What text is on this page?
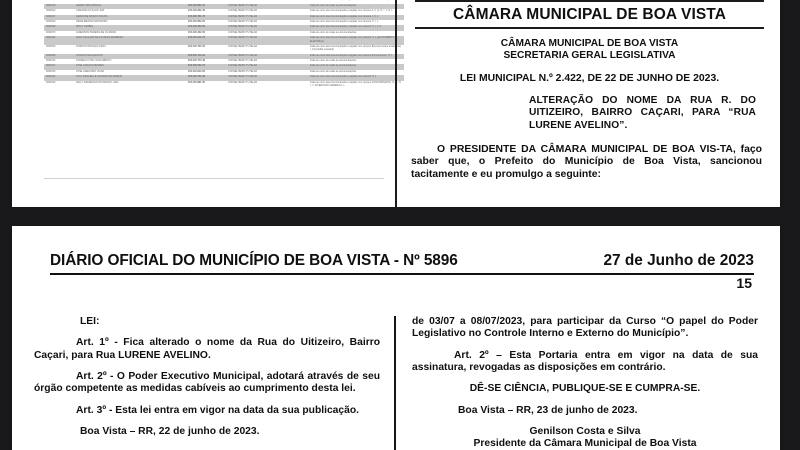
0000104	GEICIELE NEVES DA SILVA	###.###.942-00	CONSELHEIRO TUTELAR	Falta de envio da documentação exigidas nos campos AGR(COMPLETO), H, I, J, L
0000130	GENES VIDAL BRAGA	###.###.832-72	CONSELHEIRO TUTELAR	Falta de envio de todas as documentações
0000022	GISEONE DA SILVA LIMA	###.###.902-49	CONSELHEIRO TUTELAR	Falta de envio das documentações exigidas nos campos A, F, G, H, I, J, N, L
0000147	GRAZIANE MORAIS SOUZA	###.###.761-72	CONSELHEIRO TUTELAR	Falta de envio das documentações exigidas nos campos J, K, L
0000023	HEIDE BENTES MONTEIRO	###.###.802-00	CONSELHEIRO TUTELAR	Falta de envio das documentações exigidas nos campos H, I, L
0000190	IRACY GOMES	###.###.202-00	CONSELHEIRO TUTELAR	Falta de envio das documentações exigidas nos campos H, I, J, K
0000073	JADERSON PEREIRA DE OLIVEIRA	###.###.222-00	CONSELHEIRO TUTELAR	Falta de envio de todas as documentações
0000192	JEAN SALGADO DE OLIVEIRA FERREIRA	###.###.212-72	CONSELHEIRO TUTELAR	Falta de envio das documentações exigidas nos campos H, L (ALISTAMENTO ELEITORAL)
0000043	JHARSON FRANÇA VIANA	###.###.702-00	CONSELHEIRO TUTELAR	Falta de envio das documentações exigidas nos campos B(comprovante atualizado), I, K(certidão estadual)
0000068	JONATAS MAULAVIJOR	###.###.172-91	CONSELHEIRO TUTELAR	Falta de envio das documentações exigidas nos campos A(incompleto), H, I
0000110	JORDEAN VITAL NASCIMENTO	###.###.772-49	CONSELHEIRO TUTELAR	Falta de envio de todas as documentações
0000137	JOSE CARLOS MENDES	###.###.502-72	CONSELHEIRO TUTELAR	Falta de envio de todas as documentações
0000135	JOSE GREGORIO VIANA	###.###.812-00	CONSELHEIRO TUTELAR	Falta de envio de todas as documentações
0000142	JOSY GRACIELLE TEIXEIRA DE MORAIS	###.###.702-49	CONSELHEIRO TUTELAR	Falta de envio das documentações exigidas nos campos H, L
0000102	KELLY ANDRESSA NUSCENCIO LIMA	###.###.891-00	CONSELHEIRO TUTELAR	Falta de envio das documentações exigidas nos campos C(INCOMPLETO), D, G, H, I, J, K(CERTIDÃO FEDERAL), L
CÂMARA MUNICIPAL DE BOA VISTA
CÂMARA MUNICIPAL DE BOA VISTA
SECRETARIA GERAL LEGISLATIVA
LEI MUNICIPAL N.º 2.422, DE 22 DE JUNHO DE 2023.
ALTERAÇÃO DO NOME DA RUA R. DO UITIZEIRO, BAIRRO CAÇARI, PARA “RUA LURENE AVELINO”.
O PRESIDENTE DA CÂMARA MUNICIPAL DE BOA VIS-TA, faço saber que, o Prefeito do Município de Boa Vista, sancionou tacitamente e eu promulgo a seguinte:
DIÁRIO OFICIAL DO MUNICÍPIO DE BOA VISTA - Nº 5896	27 de Junho de 2023
15

LEI:

Art. 1º - Fica alterado o nome da Rua do Uitizeiro, Bairro Caçari, para Rua LURENE AVELINO.

Art. 2º - O Poder Executivo Municipal, adotará através de seu órgão competente as medidas cabíveis ao cumprimento desta lei.

Art. 3º - Esta lei entra em vigor na data da sua publicação.

Boa Vista – RR, 22 de junho de 2023.

de 03/07 a 08/07/2023, para participar da Curso “O papel do Poder Legislativo no Controle Interno e Externo do Município”.

Art. 2º – Esta Portaria entra em vigor na data de sua assinatura, revogadas as disposições em contrário.

DÊ-SE CIÊNCIA, PUBLIQUE-SE E CUMPRA-SE.

Boa Vista – RR, 23 de junho de 2023.

Genilson Costa e Silva
Presidente da Câmara Municipal de Boa Vista
